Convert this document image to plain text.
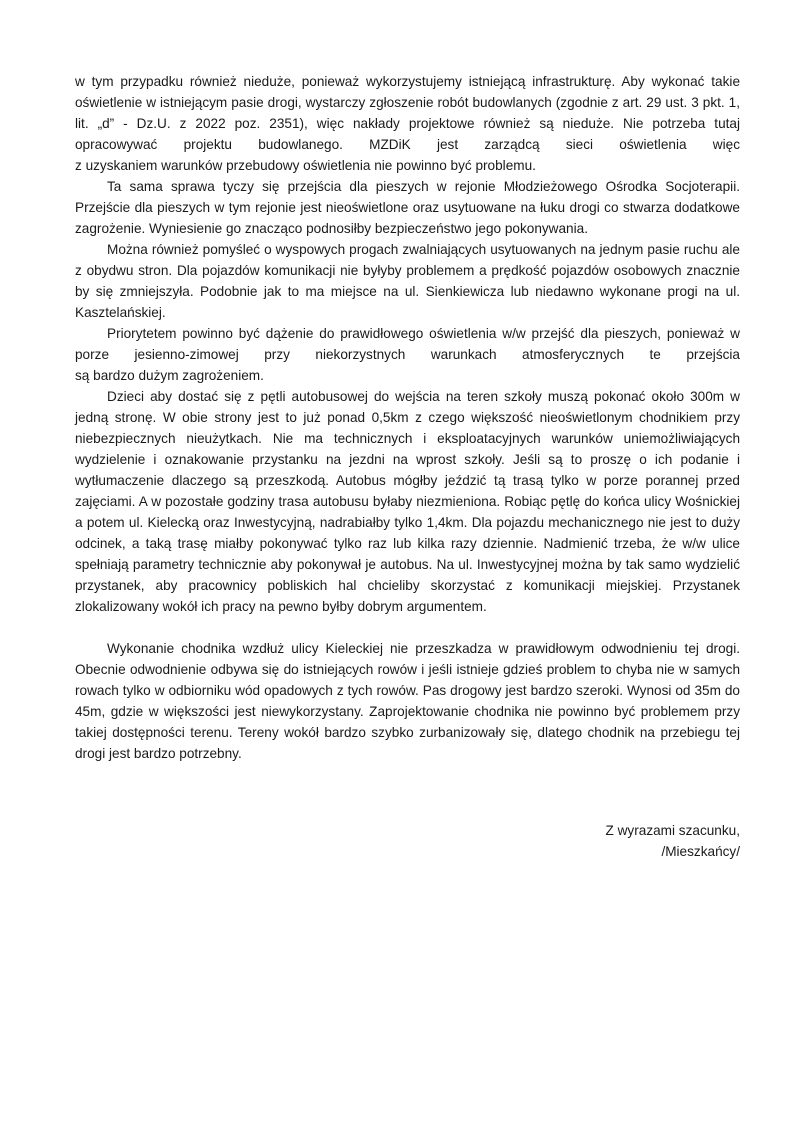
w tym przypadku również nieduże, ponieważ wykorzystujemy istniejącą infrastrukturę. Aby wykonać takie oświetlenie w istniejącym pasie drogi, wystarczy zgłoszenie robót budowlanych (zgodnie z art. 29 ust. 3 pkt. 1, lit. „d” - Dz.U. z 2022 poz. 2351), więc nakłady projektowe również są nieduże. Nie potrzeba tutaj opracowywać projektu budowlanego. MZDiK jest zarządcą sieci oświetlenia więc
z uzyskaniem warunków przebudowy oświetlenia nie powinno być problemu.
Ta sama sprawa tyczy się przejścia dla pieszych w rejonie Młodzieżowego Ośrodka Socjoterapii. Przejście dla pieszych w tym rejonie jest nieoświetlone oraz usytuowane na łuku drogi co stwarza dodatkowe zagrożenie. Wyniesienie go znacząco podnosiłby bezpieczeństwo jego pokonywania.
Można również pomyśleć o wyspowych progach zwalniających usytuowanych na jednym pasie ruchu ale z obydwu stron. Dla pojazdów komunikacji nie byłyby problemem a prędkość pojazdów osobowych znacznie by się zmniejszyła. Podobnie jak to ma miejsce na ul. Sienkiewicza lub niedawno wykonane progi na ul. Kasztelańskiej.
Priorytetem powinno być dążenie do prawidłowego oświetlenia w/w przejść dla pieszych, ponieważ w porze jesienno-zimowej przy niekorzystnych warunkach atmosferycznych te przejścia
są bardzo dużym zagrożeniem.
Dzieci aby dostać się z pętli autobusowej do wejścia na teren szkoły muszą pokonać około 300m w jedną stronę. W obie strony jest to już ponad 0,5km z czego większość nieoświetlonym chodnikiem przy niebezpiecznych nieużytkach. Nie ma technicznych i eksploatacyjnych warunków uniemożliwiających wydzielenie i oznakowanie przystanku na jezdni na wprost szkoły. Jeśli są to proszę o ich podanie i wytłumaczenie dlaczego są przeszkodą. Autobus mógłby jeździć tą trasą tylko w porze porannej przed zajęciami. A w pozostałe godziny trasa autobusu byłaby niezmieniona. Robiąc pętlę do końca ulicy Wośnickiej a potem ul. Kielecką oraz Inwestycyjną, nadrabiałby tylko 1,4km. Dla pojazdu mechanicznego nie jest to duży odcinek, a taką trasę miałby pokonywać tylko raz lub kilka razy dziennie. Nadmienić trzeba, że w/w ulice spełniają parametry technicznie aby pokonywał je autobus. Na ul. Inwestycyjnej można by tak samo wydzielić przystanek, aby pracownicy pobliskich hal chcieliby skorzystać z komunikacji miejskiej. Przystanek zlokalizowany wokół ich pracy na pewno byłby dobrym argumentem.
Wykonanie chodnika wzdłuż ulicy Kieleckiej nie przeszkadza w prawidłowym odwodnieniu tej drogi. Obecnie odwodnienie odbywa się do istniejących rowów i jeśli istnieje gdzieś problem to chyba nie w samych rowach tylko w odbiorniku wód opadowych z tych rowów. Pas drogowy jest bardzo szeroki. Wynosi od 35m do 45m, gdzie w większości jest niewykorzystany. Zaprojektowanie chodnika nie powinno być problemem przy takiej dostępności terenu. Tereny wokół bardzo szybko zurbanizowały się, dlatego chodnik na przebiegu tej drogi jest bardzo potrzebny.
Z wyrazami szacunku,
/Mieszkańcy/
